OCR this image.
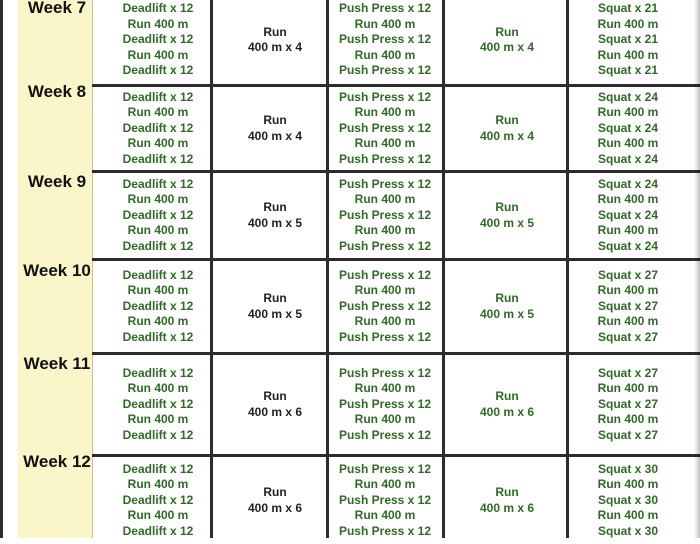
Week 7
Week 8
Week 9
Week 10
Week 11
Week 12
Deadlift x 12
Run 400 m
Deadlift x 12
Run 400 m
Deadlift x 12
Run
400 m x 4
Push Press x 12
Run 400 m
Push Press x 12
Run 400 m
Push Press x 12
Run
400 m x 4
Squat x 21
Run 400 m
Squat x 21
Run 400 m
Squat x 21
Deadlift x 12
Run 400 m
Deadlift x 12
Run 400 m
Deadlift x 12
Run
400 m x 4
Push Press x 12
Run 400 m
Push Press x 12
Run 400 m
Push Press x 12
Run
400 m x 4
Squat x 24
Run 400 m
Squat x 24
Run 400 m
Squat x 24
Deadlift x 12
Run 400 m
Deadlift x 12
Run 400 m
Deadlift x 12
Run
400 m x 5
Push Press x 12
Run 400 m
Push Press x 12
Run 400 m
Push Press x 12
Run
400 m x 5
Squat x 24
Run 400 m
Squat x 24
Run 400 m
Squat x 24
Deadlift x 12
Run 400 m
Deadlift x 12
Run 400 m
Deadlift x 12
Run
400 m x 5
Push Press x 12
Run 400 m
Push Press x 12
Run 400 m
Push Press x 12
Run
400 m x 5
Squat x 27
Run 400 m
Squat x 27
Run 400 m
Squat x 27
Deadlift x 12
Run 400 m
Deadlift x 12
Run 400 m
Deadlift x 12
Run
400 m x 6
Push Press x 12
Run 400 m
Push Press x 12
Run 400 m
Push Press x 12
Run
400 m x 6
Squat x 27
Run 400 m
Squat x 27
Run 400 m
Squat x 27
Deadlift x 12
Run 400 m
Deadlift x 12
Run 400 m
Deadlift x 12
Run
400 m x 6
Push Press x 12
Run 400 m
Push Press x 12
Run 400 m
Push Press x 12
Run
400 m x 6
Squat x 30
Run 400 m
Squat x 30
Run 400 m
Squat x 30
